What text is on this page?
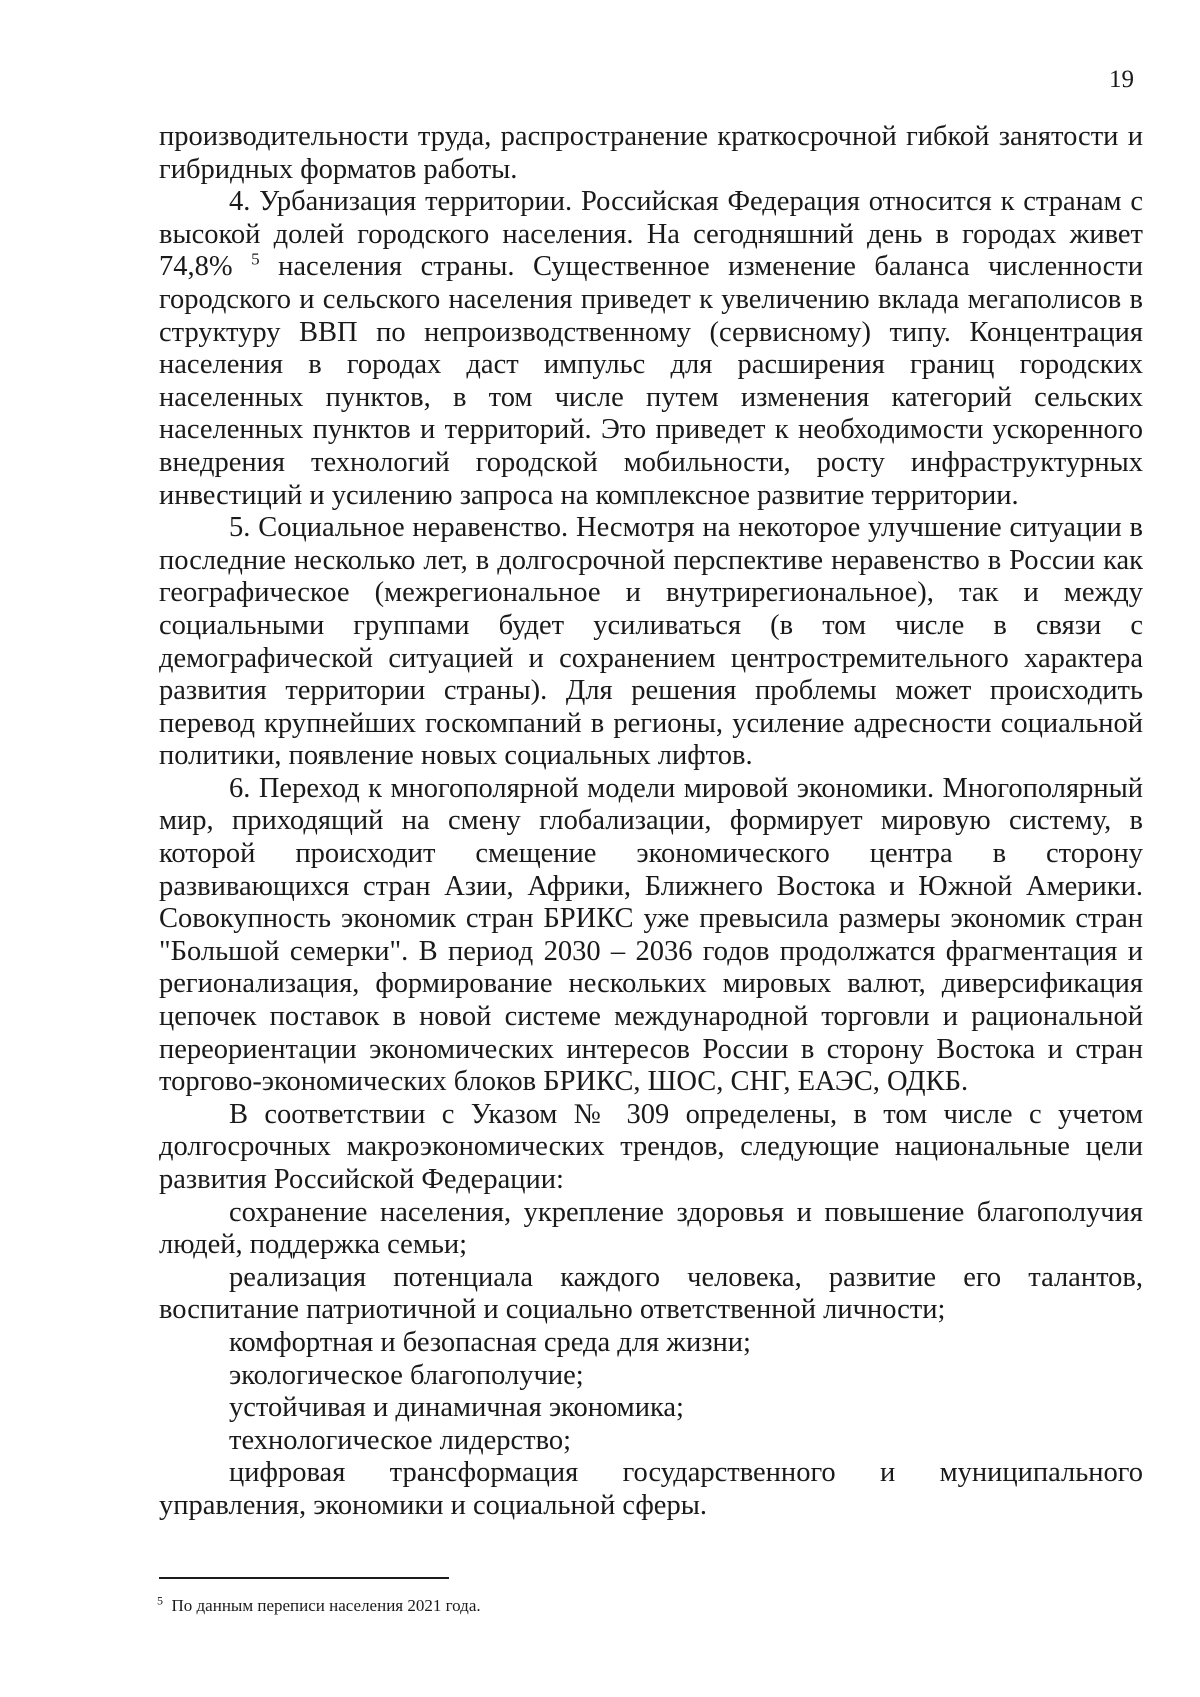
19

производительности труда, распространение краткосрочной гибкой занятости и гибридных форматов работы.

4. Урбанизация территории. Российская Федерация относится к странам с высокой долей городского населения. На сегодняшний день в городах живет 74,8% $^5$ населения страны. Существенное изменение баланса численности городского и сельского населения приведет к увеличению вклада мегаполисов в структуру ВВП по непроизводственному (сервисному) типу. Концентрация населения в городах даст импульс для расширения границ городских населенных пунктов, в том числе путем изменения категорий сельских населенных пунктов и территорий. Это приведет к необходимости ускоренного внедрения технологий городской мобильности, росту инфраструктурных инвестиций и усилению запроса на комплексное развитие территории.

5. Социальное неравенство. Несмотря на некоторое улучшение ситуации в последние несколько лет, в долгосрочной перспективе неравенство в России как географическое (межрегиональное и внутрирегиональное), так и между социальными группами будет усиливаться (в том числе в связи с демографической ситуацией и сохранением центростремительного характера развития территории страны). Для решения проблемы может происходить перевод крупнейших госкомпаний в регионы, усиление адресности социальной политики, появление новых социальных лифтов.

6. Переход к многополярной модели мировой экономики. Многополярный мир, приходящий на смену глобализации, формирует мировую систему, в которой происходит смещение экономического центра в сторону развивающихся стран Азии, Африки, Ближнего Востока и Южной Америки. Совокупность экономик стран БРИКС уже превысила размеры экономик стран "Большой семерки". В период 2030 – 2036 годов продолжатся фрагментация и регионализация, формирование нескольких мировых валют, диверсификация цепочек поставок в новой системе международной торговли и рациональной переориентации экономических интересов России в сторону Востока и стран торгово-экономических блоков БРИКС, ШОС, СНГ, ЕАЭС, ОДКБ.

В соответствии с Указом № 309 определены, в том числе с учетом долгосрочных макроэкономических трендов, следующие национальные цели развития Российской Федерации:

сохранение населения, укрепление здоровья и повышение благополучия людей, поддержка семьи;

реализация потенциала каждого человека, развитие его талантов, воспитание патриотичной и социально ответственной личности;

комфортная и безопасная среда для жизни;

экологическое благополучие;

устойчивая и динамичная экономика;

технологическое лидерство;

цифровая трансформация государственного и муниципального управления, экономики и социальной сферы.

$^5$ По данным переписи населения 2021 года.
